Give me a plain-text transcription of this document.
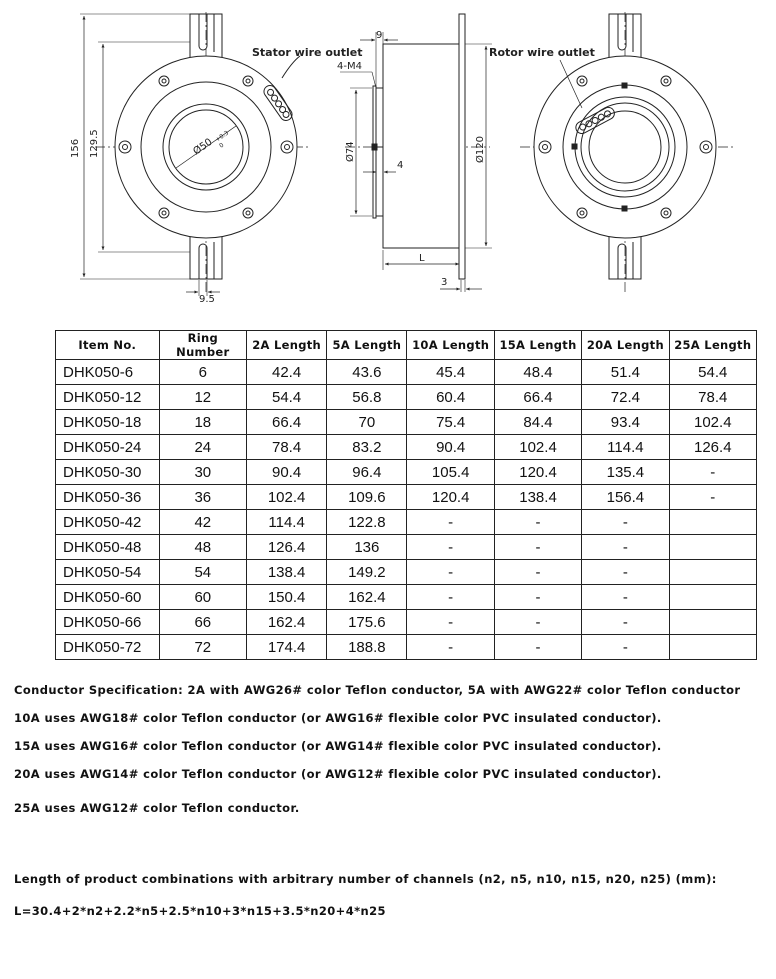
156 129.5	Ø50
+0.3
0
9.5
Stator wire outlet
9
4-M4
Ø74
4
Ø120
L
3
Rotor wire outlet
Item No.	Ring Number	2A Length	5A Length	10A Length	15A Length	20A Length	25A Length
DHK050-6	6	42.4	43.6	45.4	48.4	51.4	54.4
DHK050-12	12	54.4	56.8	60.4	66.4	72.4	78.4
DHK050-18	18	66.4	70	75.4	84.4	93.4	102.4
DHK050-24	24	78.4	83.2	90.4	102.4	114.4	126.4
DHK050-30	30	90.4	96.4	105.4	120.4	135.4	-
DHK050-36	36	102.4	109.6	120.4	138.4	156.4	-
DHK050-42	42	114.4	122.8	-	-	-	
DHK050-48	48	126.4	136	-	-	-	
DHK050-54	54	138.4	149.2	-	-	-	
DHK050-60	60	150.4	162.4	-	-	-	
DHK050-66	66	162.4	175.6	-	-	-	
DHK050-72	72	174.4	188.8	-	-	-	
Conductor Specification: 2A with AWG26# color Teflon conductor, 5A with AWG22# color Teflon conductor
10A uses AWG18# color Teflon conductor (or AWG16# flexible color PVC insulated conductor).
15A uses AWG16# color Teflon conductor (or AWG14# flexible color PVC insulated conductor).
20A uses AWG14# color Teflon conductor (or AWG12# flexible color PVC insulated conductor).
25A uses AWG12# color Teflon conductor.
Length of product combinations with arbitrary number of channels (n2, n5, n10, n15, n20, n25) (mm):
L=30.4+2*n2+2.2*n5+2.5*n10+3*n15+3.5*n20+4*n25
